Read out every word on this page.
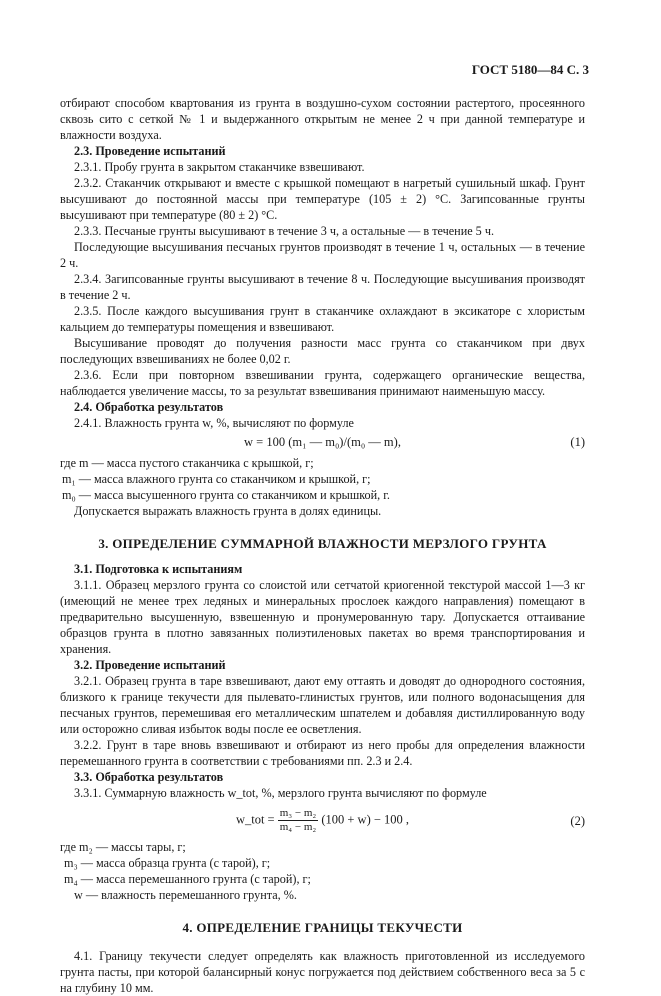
ГОСТ 5180—84 С. 3

отбирают способом квартования из грунта в воздушно-сухом состоянии растертого, просеянного сквозь сито с сеткой № 1 и выдержанного открытым не менее 2 ч при данной температуре и влажности воздуха.

2.3. Проведение испытаний

2.3.1. Пробу грунта в закрытом стаканчике взвешивают.

2.3.2. Стаканчик открывают и вместе с крышкой помещают в нагретый сушильный шкаф. Грунт высушивают до постоянной массы при температуре (105 ± 2) °С. Загипсованные грунты высушивают при температуре (80 ± 2) °С.

2.3.3. Песчаные грунты высушивают в течение 3 ч, а остальные — в течение 5 ч.

Последующие высушивания песчаных грунтов производят в течение 1 ч, остальных — в течение 2 ч.

2.3.4. Загипсованные грунты высушивают в течение 8 ч. Последующие высушивания производят в течение 2 ч.

2.3.5. После каждого высушивания грунт в стаканчике охлаждают в эксикаторе с хлористым кальцием до температуры помещения и взвешивают.

Высушивание проводят до получения разности масс грунта со стаканчиком при двух последующих взвешиваниях не более 0,02 г.

2.3.6. Если при повторном взвешивании грунта, содержащего органические вещества, наблюдается увеличение массы, то за результат взвешивания принимают наименьшую массу.

2.4. Обработка результатов

2.4.1. Влажность грунта w, %, вычисляют по формуле

w = 100 (m₁ — m₀)/(m₀ — m),	(1)

где m — масса пустого стаканчика с крышкой, г;

m₁ — масса влажного грунта со стаканчиком и крышкой, г;

m₀ — масса высушенного грунта со стаканчиком и крышкой, г.

Допускается выражать влажность грунта в долях единицы.

3. ОПРЕДЕЛЕНИЕ СУММАРНОЙ ВЛАЖНОСТИ МЕРЗЛОГО ГРУНТА

3.1. Подготовка к испытаниям

3.1.1. Образец мерзлого грунта со слоистой или сетчатой криогенной текстурой массой 1—3 кг (имеющий не менее трех ледяных и минеральных прослоек каждого направления) помещают в предварительно высушенную, взвешенную и пронумерованную тару. Допускается оттаивание образцов грунта в плотно завязанных полиэтиленовых пакетах во время транспортирования и хранения.

3.2. Проведение испытаний

3.2.1. Образец грунта в таре взвешивают, дают ему оттаять и доводят до однородного состояния, близкого к границе текучести для пылевато-глинистых грунтов, или полного водонасыщения для песчаных грунтов, перемешивая его металлическим шпателем и добавляя дистиллированную воду или осторожно сливая избыток воды после ее осветления.

3.2.2. Грунт в таре вновь взвешивают и отбирают из него пробы для определения влажности перемешанного грунта в соответствии с требованиями пп. 2.3 и 2.4.

3.3. Обработка результатов

3.3.1. Суммарную влажность w_tot, %, мерзлого грунта вычисляют по формуле

w_tot = $\frac{\text{m₃ − m₂}}{\text{m₄ − m₂}} (100 + w) - 100$ ,	(2)

где m₂ — массы тары, г;

m₃ — масса образца грунта (с тарой), г;

m₄ — масса перемешанного грунта (с тарой), г;

w — влажность перемешанного грунта, %.

4. ОПРЕДЕЛЕНИЕ ГРАНИЦЫ ТЕКУЧЕСТИ

4.1. Границу текучести следует определять как влажность приготовленной из исследуемого грунта пасты, при которой балансирный конус погружается под действием собственного веса за 5 с на глубину 10 мм.
